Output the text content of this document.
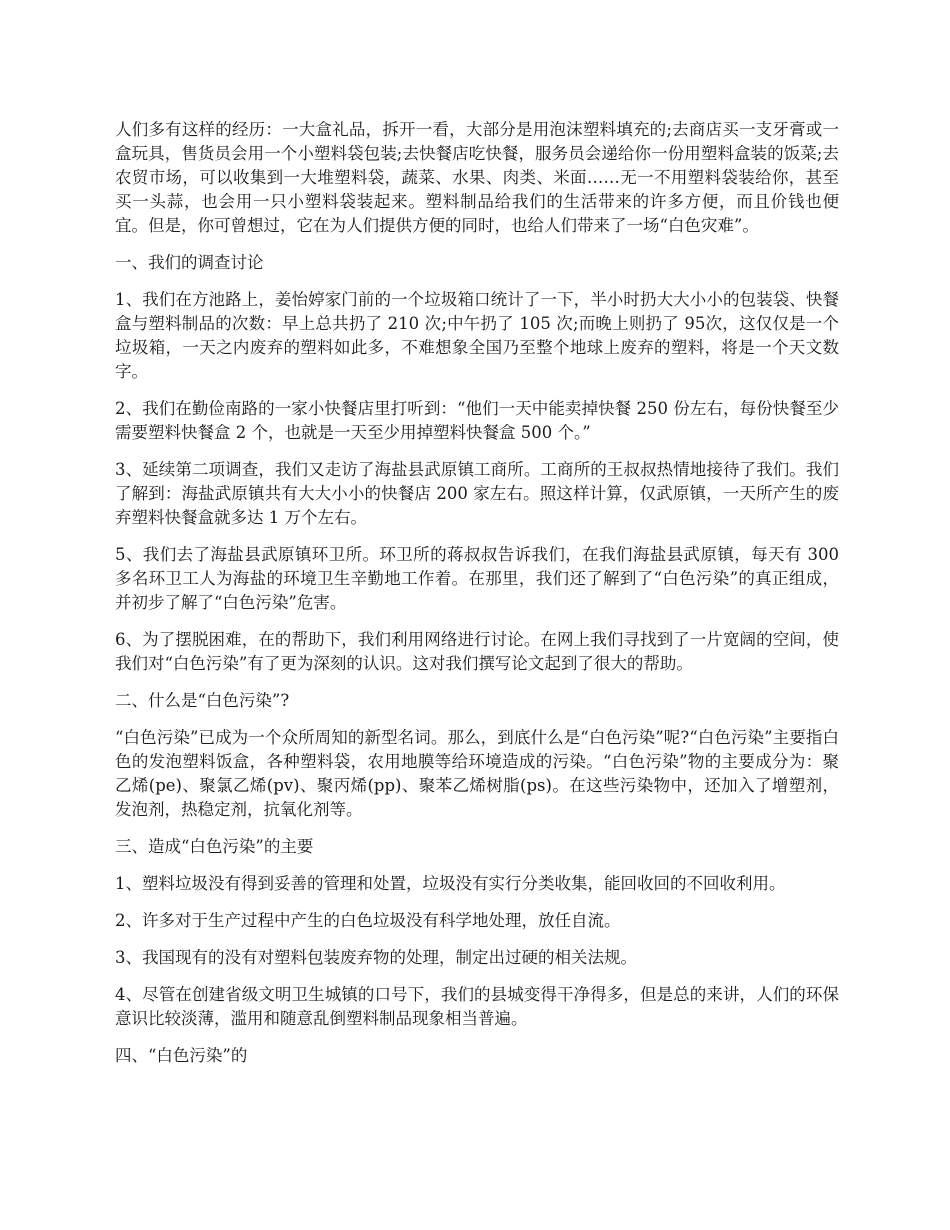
人们多有这样的经历：一大盒礼品，拆开一看，大部分是用泡沫塑料填充的;去商店买一支牙膏或一盒玩具，售货员会用一个小塑料袋包装;去快餐店吃快餐，服务员会递给你一份用塑料盒装的饭菜;去农贸市场，可以收集到一大堆塑料袋，蔬菜、水果、肉类、米面……无一不用塑料袋装给你，甚至买一头蒜，也会用一只小塑料袋装起来。塑料制品给我们的生活带来的许多方便，而且价钱也便宜。但是，你可曾想过，它在为人们提供方便的同时，也给人们带来了一场“白色灾难”。

一、我们的调查讨论

1、我们在方池路上，姜怡婷家门前的一个垃圾箱口统计了一下，半小时扔大大小小的包装袋、快餐盒与塑料制品的次数：早上总共扔了 210 次;中午扔了 105 次;而晚上则扔了 95次，这仅仅是一个垃圾箱，一天之内废弃的塑料如此多，不难想象全国乃至整个地球上废弃的塑料，将是一个天文数字。

2、我们在勤俭南路的一家小快餐店里打听到：“他们一天中能卖掉快餐 250 份左右，每份快餐至少需要塑料快餐盒 2 个，也就是一天至少用掉塑料快餐盒 500 个。”

3、延续第二项调查，我们又走访了海盐县武原镇工商所。工商所的王叔叔热情地接待了我们。我们了解到：海盐武原镇共有大大小小的快餐店 200 家左右。照这样计算，仅武原镇，一天所产生的废弃塑料快餐盒就多达 1 万个左右。

5、我们去了海盐县武原镇环卫所。环卫所的蒋叔叔告诉我们，在我们海盐县武原镇，每天有 300 多名环卫工人为海盐的环境卫生辛勤地工作着。在那里，我们还了解到了“白色污染”的真正组成，并初步了解了“白色污染”危害。

6、为了摆脱困难，在的帮助下，我们利用网络进行讨论。在网上我们寻找到了一片宽阔的空间，使我们对“白色污染”有了更为深刻的认识。这对我们撰写论文起到了很大的帮助。

二、什么是“白色污染”?

“白色污染”已成为一个众所周知的新型名词。那么，到底什么是“白色污染”呢?“白色污染”主要指白色的发泡塑料饭盒，各种塑料袋，农用地膜等给环境造成的污染。“白色污染”物的主要成分为：聚乙烯(pe)、聚氯乙烯(pv)、聚丙烯(pp)、聚苯乙烯树脂(ps)。在这些污染物中，还加入了增塑剂，发泡剂，热稳定剂，抗氧化剂等。

三、造成“白色污染”的主要

1、塑料垃圾没有得到妥善的管理和处置，垃圾没有实行分类收集，能回收回的不回收利用。

2、许多对于生产过程中产生的白色垃圾没有科学地处理，放任自流。

3、我国现有的没有对塑料包装废弃物的处理，制定出过硬的相关法规。

4、尽管在创建省级文明卫生城镇的口号下，我们的县城变得干净得多，但是总的来讲，人们的环保意识比较淡薄，滥用和随意乱倒塑料制品现象相当普遍。

四、“白色污染”的
